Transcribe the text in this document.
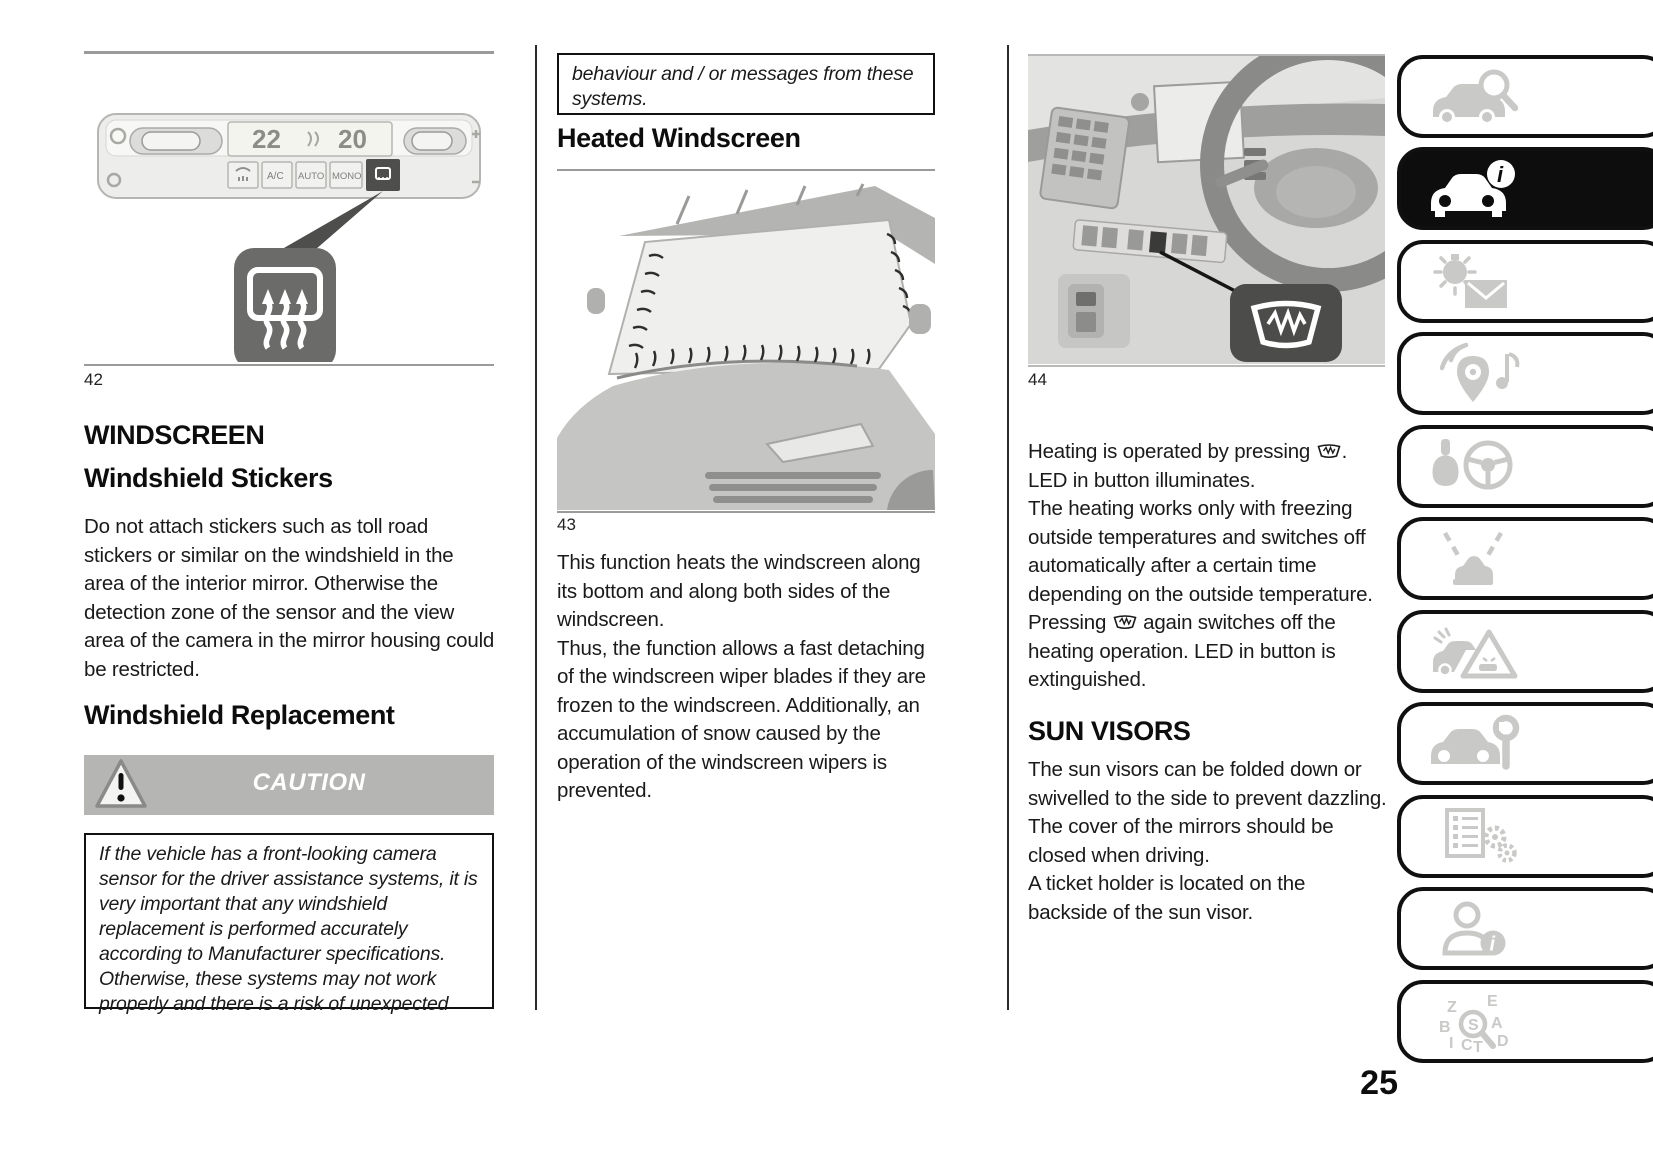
22 20
A/C AUTO MONO
42
WINDSCREEN
Windshield Stickers
Do not attach stickers such as toll road stickers or similar on the windshield in the area of the interior mirror. Otherwise the detection zone of the sensor and the view area of the camera in the mirror housing could be restricted.
Windshield Replacement
CAUTION
If the vehicle has a front-looking camera sensor for the driver assistance systems, it is very important that any windshield replacement is performed accurately according to Manufacturer specifications. Otherwise, these systems may not work properly and there is a risk of unexpected
behaviour and / or messages from these systems.
Heated Windscreen
43

This function heats the windscreen along its bottom and along both sides of the windscreen.

Thus, the function allows a fast detaching of the windscreen wiper blades if they are frozen to the windscreen. Additionally, an accumulation of snow caused by the operation of the windscreen wipers is prevented.

44

Heating is operated by pressing . LED in button illuminates.

The heating works only with freezing outside temperatures and switches off automatically after a certain time depending on the outside temperature.

Pressing  again switches off the heating operation. LED in button is extinguished.

SUN VISORS

The sun visors can be folded down or swivelled to the side to prevent dazzling.

The cover of the mirrors should be closed when driving.

A ticket holder is located on the backside of the sun visor.

i
i
Z E
B	A
I C T D
S
25
